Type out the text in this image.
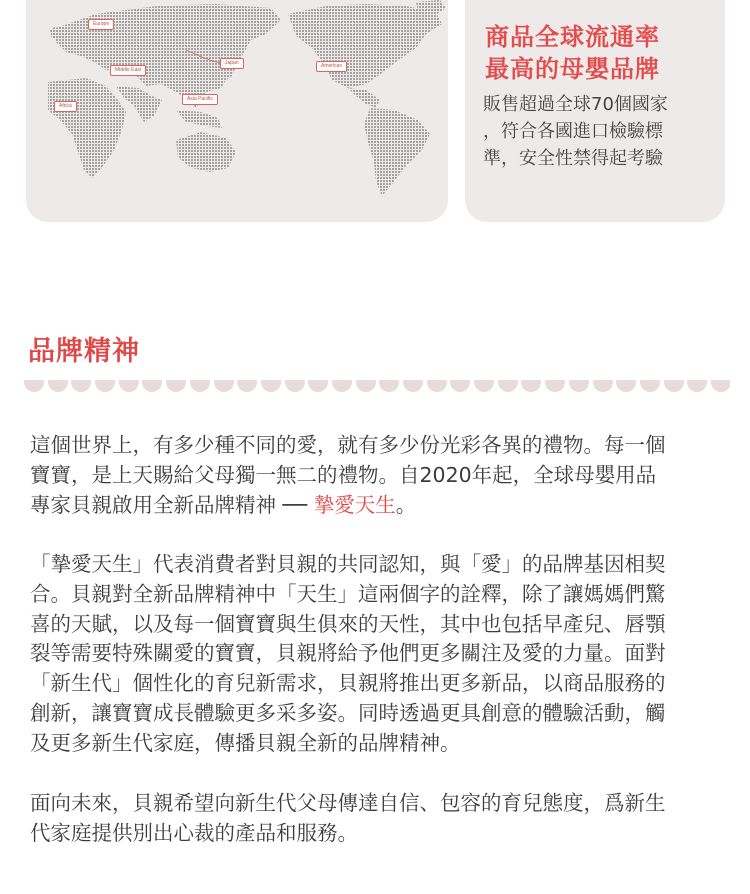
Europe
Japan	American
Middle East
Asia Pacific
Africa
商品全球流通率
最高的母嬰品牌
販售超過全球70個國家
，符合各國進口檢驗標
準，安全性禁得起考驗
品牌精神
這個世界上，有多少種不同的愛，就有多少份光彩各異的禮物。每一個
寶寶，是上天賜給父母獨一無二的禮物。自2020年起，全球母嬰用品
專家貝親啟用全新品牌精神 ── 摯愛天生。
「摯愛天生」代表消費者對貝親的共同認知，與「愛」的品牌基因相契
合。貝親對全新品牌精神中「天生」這兩個字的詮釋，除了讓媽媽們驚
喜的天賦，以及每一個寶寶與生俱來的天性，其中也包括早產兒、唇顎
裂等需要特殊關愛的寶寶，貝親將給予他們更多關注及愛的力量。面對
「新生代」個性化的育兒新需求，貝親將推出更多新品，以商品服務的
創新，讓寶寶成長體驗更多采多姿。同時透過更具創意的體驗活動，觸
及更多新生代家庭，傳播貝親全新的品牌精神。
面向未來，貝親希望向新生代父母傳達自信、包容的育兒態度，爲新生
代家庭提供別出心裁的產品和服務。
